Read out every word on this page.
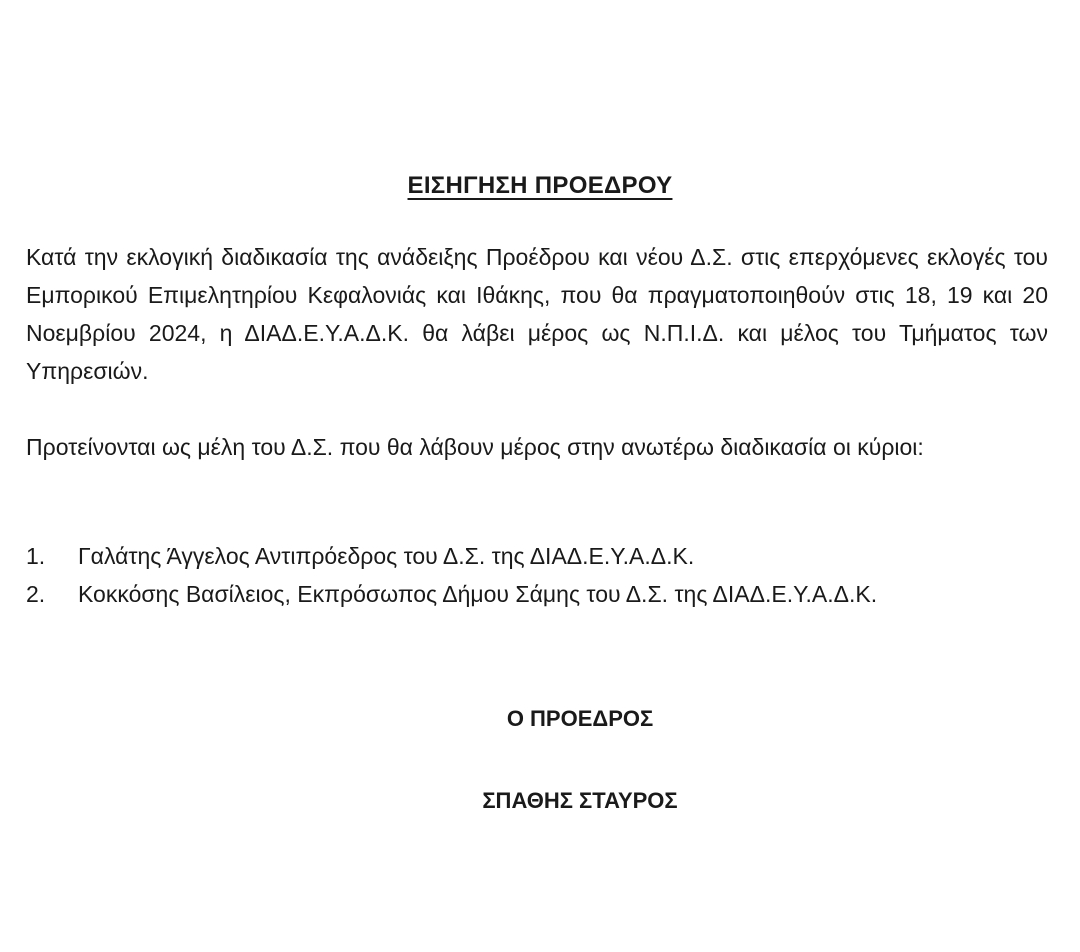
ΕΙΣΗΓΗΣΗ ΠΡΟΕΔΡΟΥ

Κατά την εκλογική διαδικασία της ανάδειξης Προέδρου και νέου Δ.Σ. στις επερχόμενες εκλογές του Εμπορικού Επιμελητηρίου Κεφαλονιάς και Ιθάκης, που θα πραγματοποιηθούν στις 18, 19 και 20 Νοεμβρίου 2024, η ΔΙΑΔ.Ε.Υ.Α.Δ.Κ. θα λάβει μέρος ως Ν.Π.Ι.Δ. και μέλος του Τμήματος των Υπηρεσιών.

Προτείνονται ως μέλη του Δ.Σ. που θα λάβουν μέρος στην ανωτέρω διαδικασία οι κύριοι:

1. Γαλάτης Άγγελος Αντιπρόεδρος του Δ.Σ. της ΔΙΑΔ.Ε.Υ.Α.Δ.Κ.
2. Κοκκόσης Βασίλειος, Εκπρόσωπος Δήμου Σάμης του Δ.Σ. της ΔΙΑΔ.Ε.Υ.Α.Δ.Κ.
Ο ΠΡΟΕΔΡΟΣ
ΣΠΑΘΗΣ ΣΤΑΥΡΟΣ
